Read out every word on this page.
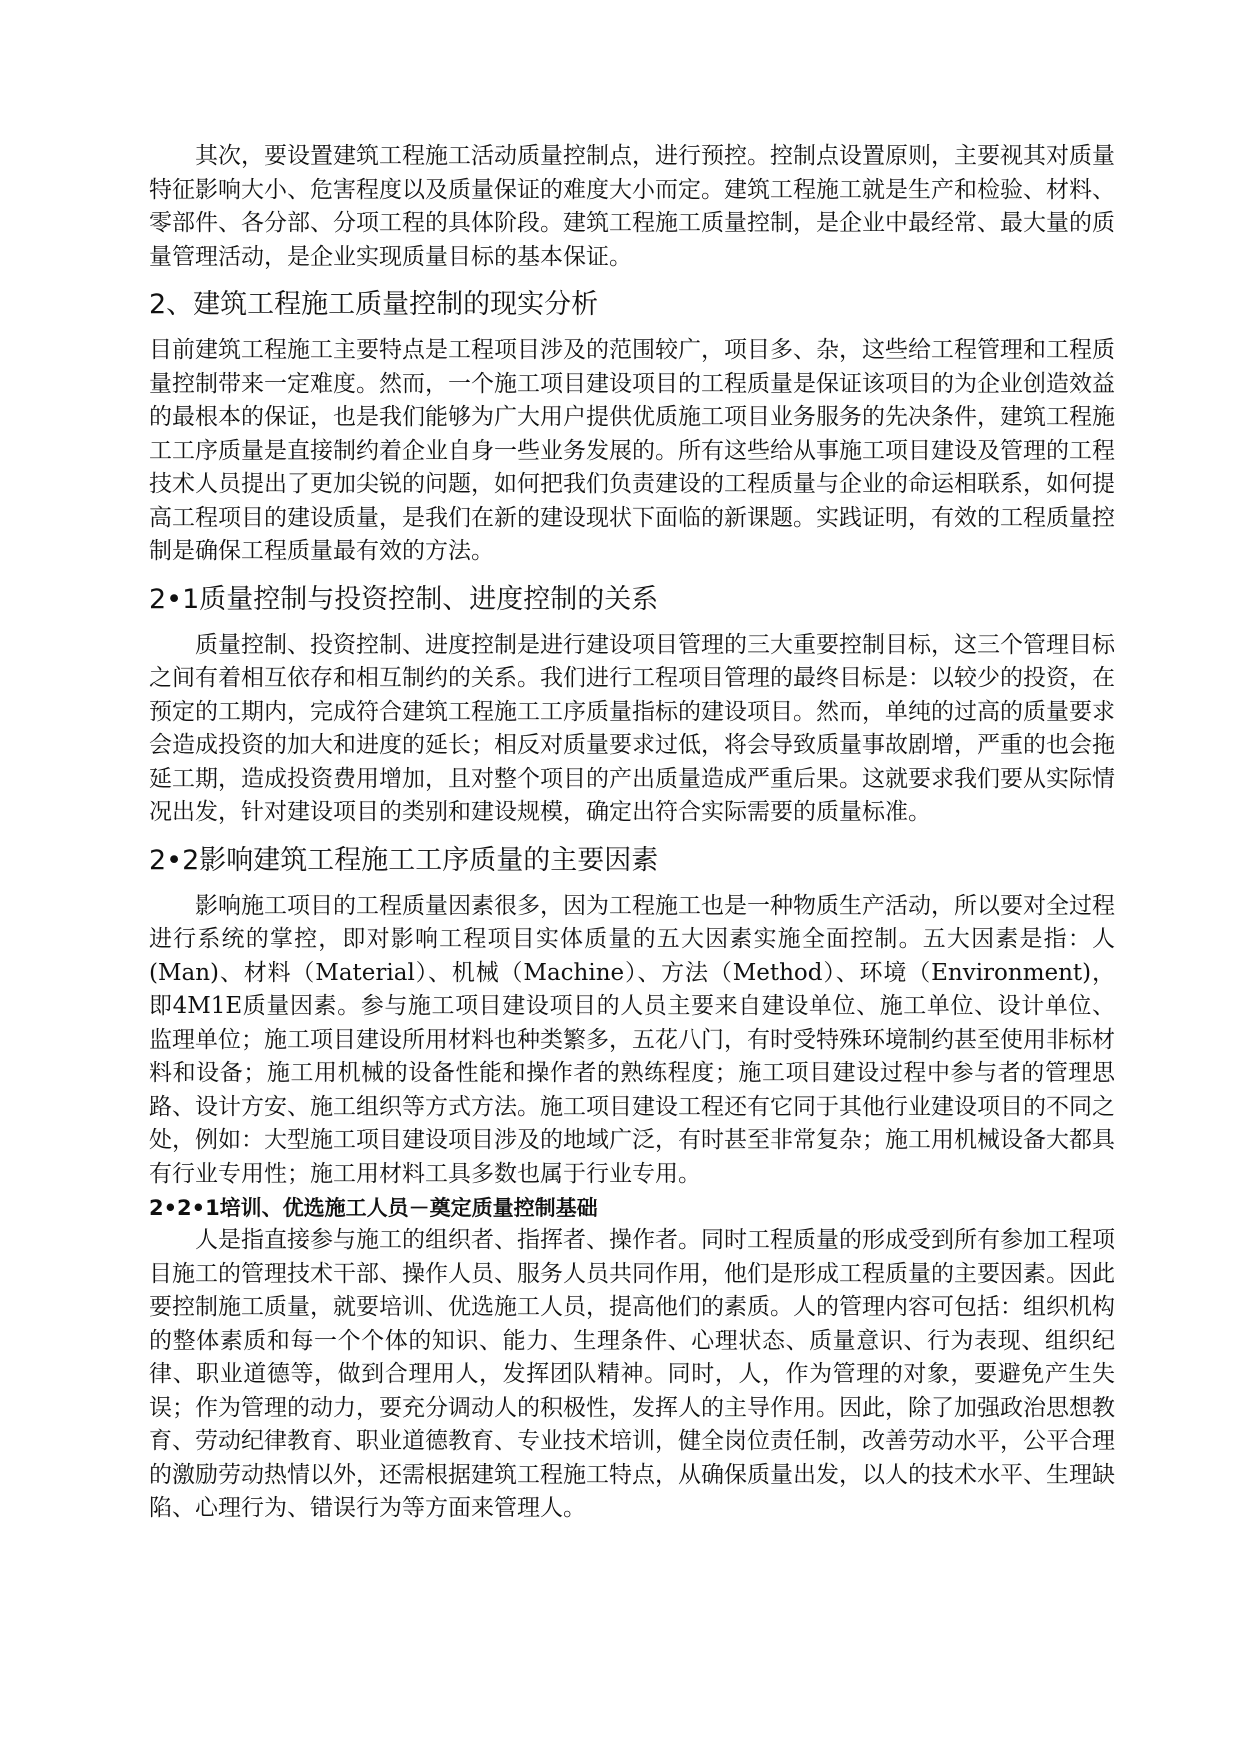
其次，要设置建筑工程施工活动质量控制点，进行预控。控制点设置原则，主要视其对质量特征影响大小、危害程度以及质量保证的难度大小而定。建筑工程施工就是生产和检验、材料、零部件、各分部、分项工程的具体阶段。建筑工程施工质量控制，是企业中最经常、最大量的质量管理活动，是企业实现质量目标的基本保证。

2、建筑工程施工质量控制的现实分析

目前建筑工程施工主要特点是工程项目涉及的范围较广，项目多、杂，这些给工程管理和工程质量控制带来一定难度。然而，一个施工项目建设项目的工程质量是保证该项目的为企业创造效益的最根本的保证，也是我们能够为广大用户提供优质施工项目业务服务的先决条件，建筑工程施工工序质量是直接制约着企业自身一些业务发展的。所有这些给从事施工项目建设及管理的工程技术人员提出了更加尖锐的问题，如何把我们负责建设的工程质量与企业的命运相联系，如何提高工程项目的建设质量，是我们在新的建设现状下面临的新课题。实践证明，有效的工程质量控制是确保工程质量最有效的方法。

2•1质量控制与投资控制、进度控制的关系

质量控制、投资控制、进度控制是进行建设项目管理的三大重要控制目标，这三个管理目标之间有着相互依存和相互制约的关系。我们进行工程项目管理的最终目标是：以较少的投资，在预定的工期内，完成符合建筑工程施工工序质量指标的建设项目。然而，单纯的过高的质量要求会造成投资的加大和进度的延长；相反对质量要求过低，将会导致质量事故剧增，严重的也会拖延工期，造成投资费用增加，且对整个项目的产出质量造成严重后果。这就要求我们要从实际情况出发，针对建设项目的类别和建设规模，确定出符合实际需要的质量标准。

2•2影响建筑工程施工工序质量的主要因素

影响施工项目的工程质量因素很多，因为工程施工也是一种物质生产活动，所以要对全过程进行系统的掌控，即对影响工程项目实体质量的五大因素实施全面控制。五大因素是指：人(Man)、材料（Material）、机械（Machine）、方法（Method）、环境（Environment)，即4M1E质量因素。参与施工项目建设项目的人员主要来自建设单位、施工单位、设计单位、监理单位；施工项目建设所用材料也种类繁多，五花八门，有时受特殊环境制约甚至使用非标材料和设备；施工用机械的设备性能和操作者的熟练程度；施工项目建设过程中参与者的管理思路、设计方安、施工组织等方式方法。施工项目建设工程还有它同于其他行业建设项目的不同之处，例如：大型施工项目建设项目涉及的地域广泛，有时甚至非常复杂；施工用机械设备大都具有行业专用性；施工用材料工具多数也属于行业专用。

2•2•1培训、优选施工人员－奠定质量控制基础

人是指直接参与施工的组织者、指挥者、操作者。同时工程质量的形成受到所有参加工程项目施工的管理技术干部、操作人员、服务人员共同作用，他们是形成工程质量的主要因素。因此要控制施工质量，就要培训、优选施工人员，提高他们的素质。人的管理内容可包括：组织机构的整体素质和每一个个体的知识、能力、生理条件、心理状态、质量意识、行为表现、组织纪律、职业道德等，做到合理用人，发挥团队精神。同时，人，作为管理的对象，要避免产生失误；作为管理的动力，要充分调动人的积极性，发挥人的主导作用。因此，除了加强政治思想教育、劳动纪律教育、职业道德教育、专业技术培训，健全岗位责任制，改善劳动水平，公平合理的激励劳动热情以外，还需根据建筑工程施工特点，从确保质量出发，以人的技术水平、生理缺陷、心理行为、错误行为等方面来管理人。
